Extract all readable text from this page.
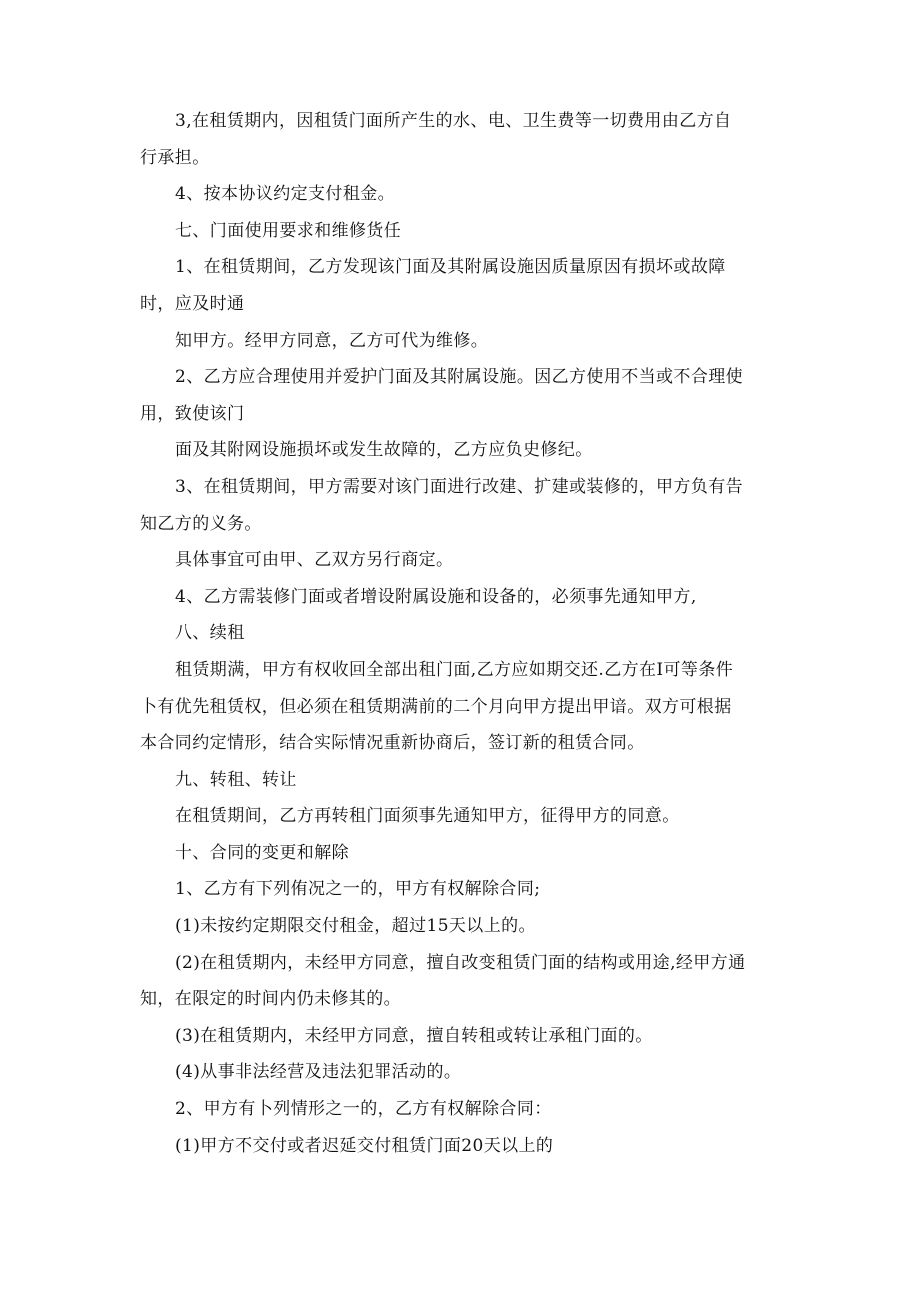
3,在租赁期内，因租赁门面所产生的水、电、卫生费等一切费用由乙方自
行承担。

4、按本协议约定支付租金。

七、门面使用要求和维修货任

1、在租赁期间，乙方发现该门面及其附属设施因质量原因有损坏或故障
时，应及时通

知甲方。经甲方同意，乙方可代为维修。

2、乙方应合理使用并爱护门面及其附属设施。因乙方使用不当或不合理使
用，致使该门

面及其附网设施损坏或发生故障的，乙方应负史修纪。

3、在租赁期间，甲方需要对该门面进行改建、扩建或装修的，甲方负有告
知乙方的义务。

具体事宜可由甲、乙双方另行商定。

4、乙方需装修门面或者增设附属设施和设备的，必须事先通知甲方,

八、续租

租赁期满，甲方有权收回全部出租门面,乙方应如期交还.乙方在I可等条件
卜有优先租赁权，但必须在租赁期满前的二个月向甲方提出甲谙。双方可根据
本合同约定情形，结合实际情况重新协商后，签订新的租赁合同。

九、转租、转让

在租赁期间，乙方再转租门面须事先通知甲方，征得甲方的同意。

十、合同的变更和解除

1、乙方有下列侑况之一的，甲方有权解除合同;

(1)未按约定期限交付租金，超过15天以上的。

(2)在租赁期内，未经甲方同意，擅自改变租赁门面的结构或用途,经甲方通
知，在限定的时间内仍未修其的。

(3)在租赁期内，未经甲方同意，擅自转租或转让承租门面的。

(4)从事非法经营及违法犯罪活动的。

2、甲方有卜列情形之一的，乙方有权解除合同：

(1)甲方不交付或者迟延交付租赁门面20天以上的
